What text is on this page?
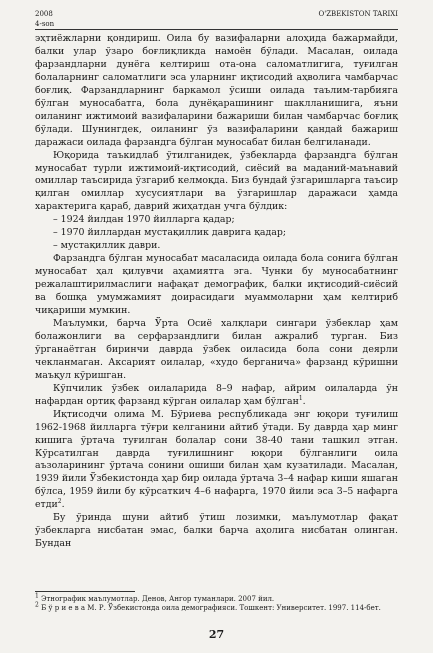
2008	O'ZBEKISTON TARIXI
4-son

эҳтиёжларни қондириш. Оила бу вазифаларни алоҳида бажармайди, балки улар ўзаро боғлиқликда намоён бўлади. Масалан, оилада фарзандларни дунёга келтириш ота-она саломатлигига, туғилган болаларнинг саломатлиги эса уларнинг иқтисодий аҳволига чамбарчас боғлиқ. Фарзандларнинг баркамол ўсиши оилада таълим-тарбияга бўлган муносабатга, бола дунёқарашининг шаклланишига, яъни оиланинг ижтимоий вазифаларини бажариши билан чамбарчас боғлиқ бўлади. Шунингдек, оиланинг ўз вазифаларини қандай бажариш даражаси оилада фарзандга бўлган муносабат билан белгиланади.

Юқорида таъкидлаб ўтилганидек, ўзбекларда фарзандга бўлган муносабат турли ижтимоий-иқтисодий, сиёсий ва маданий-маънавий омиллар таъсирида ўзгариб келмоқда. Биз бундай ўзгаришларга таъсир қилган омиллар хусусиятлари ва ўзгаришлар даражаси ҳамда характерига қараб, даврий жиҳатдан учга бўлдик:

– 1924 йилдан 1970 йилларга қадар;

– 1970 йиллардан мустақиллик даврига қадар;

– мустақиллик даври.

Фарзандга бўлган муносабат масаласида оилада бола сонига бўлган муносабат ҳал қилувчи аҳамиятга эга. Чунки бу муносабатнинг режалаштирилмаслиги нафақат демографик, балки иқтисодий-сиёсий ва бошқа умумжамият доирасидаги муаммоларни ҳам келтириб чиқариши мумкин.

Маълумки, барча Ўрта Осиё халқлари сингари ўзбеклар ҳам болажонлиги ва серфарзандлиги билан ажралиб турган. Биз ўрганаётган биринчи даврда ўзбек оиласида бола сони деярли чекланмаган. Аксарият оилалар, «худо берганича» фарзанд кўришни маъқул кўришган.

Кўпчилик ўзбек оилаларида 8–9 нафар, айрим оилаларда ўн нафардан ортиқ фарзанд кўрган оилалар ҳам бўлган$^1$.

Иқтисодчи олима М. Бўриева республикада энг юқори туғилиш 1962-1968 йилларга тўғри келганини айтиб ўтади. Бу даврда ҳар минг кишига ўртача туғилган болалар сони 38-40 тани ташкил этган. Кўрсатилган даврда туғилишнинг юқори бўлганлиги оила аъзоларининг ўртача сонини ошиши билан ҳам кузатилади. Масалан, 1939 йили Ўзбекистонда ҳар бир оилада ўртача 3–4 нафар киши яшаган бўлса, 1959 йили бу кўрсаткич 4–6 нафарга, 1970 йили эса 3–5 нафарга етди$^2$.

Бу ўринда шуни айтиб ўтиш лозимки, маълумотлар фақат ўзбекларга нисбатан эмас, балки барча аҳолига нисбатан олинган. Бундан

$^1$ Этнографик маълумотлар. Денов, Ангор туманлари. 2007 йил.

$^2$ Б ў р и е в а М. Р. Ўзбекистонда оила демографияси. Тошкент: Университет. 1997. 114-бет.

27
